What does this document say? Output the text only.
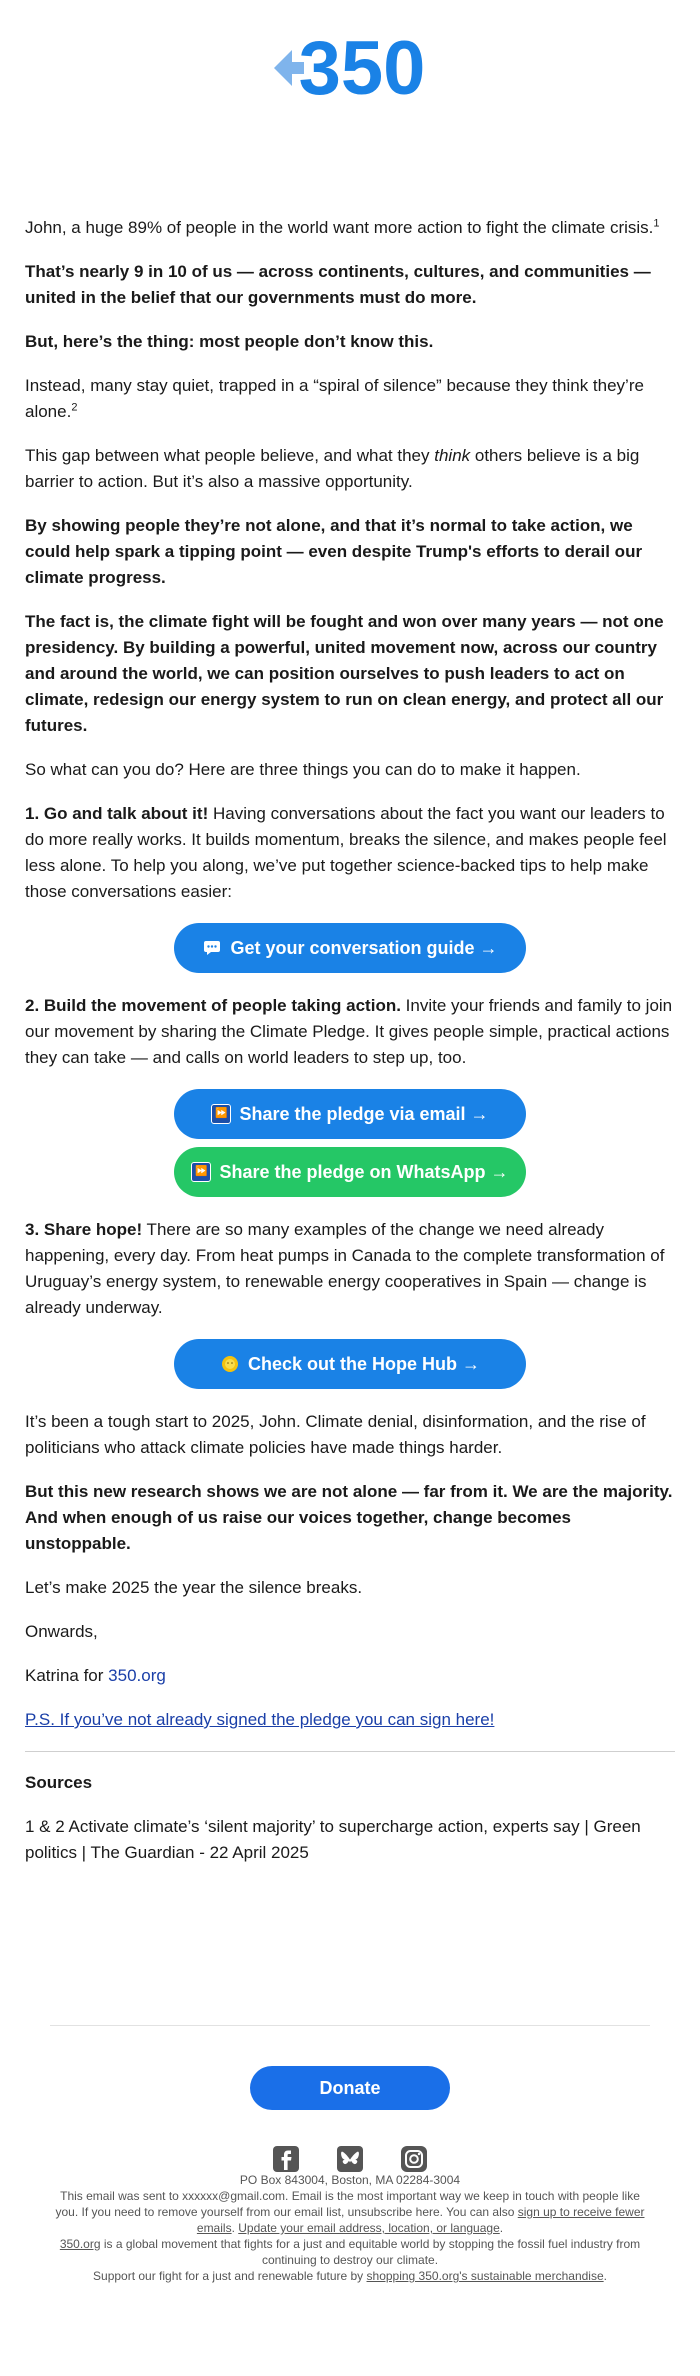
350

John, a huge 89% of people in the world want more action to fight the climate crisis.$^1$

That’s nearly 9 in 10 of us — across continents, cultures, and communities — united in the belief that our governments must do more.

But, here’s the thing: most people don’t know this.

Instead, many stay quiet, trapped in a “spiral of silence” because they think they’re alone.$^2$

This gap between what people believe, and what they think others believe is a big barrier to action. But it’s also a massive opportunity.

By showing people they’re not alone, and that it’s normal to take action, we could help spark a tipping point — even despite Trump's efforts to derail our climate progress.

The fact is, the climate fight will be fought and won over many years — not one presidency. By building a powerful, united movement now, across our country and around the world, we can position ourselves to push leaders to act on climate, redesign our energy system to run on clean energy, and protect all our futures.

So what can you do? Here are three things you can do to make it happen.

1. Go and talk about it! Having conversations about the fact you want our leaders to do more really works. It builds momentum, breaks the silence, and makes people feel less alone. To help you along, we’ve put together science-backed tips to help make those conversations easier:

Get your conversation guide →

2. Build the movement of people taking action. Invite your friends and family to join our movement by sharing the Climate Pledge. It gives people simple, practical actions they can take — and calls on world leaders to step up, too.

⏩ Share the pledge via email →
⏩ Share the pledge on WhatsApp →

3. Share hope! There are so many examples of the change we need already happening, every day. From heat pumps in Canada to the complete transformation of Uruguay’s energy system, to renewable energy cooperatives in Spain — change is already underway.

Check out the Hope Hub →

It’s been a tough start to 2025, John. Climate denial, disinformation, and the rise of politicians who attack climate policies have made things harder.

But this new research shows we are not alone — far from it. We are the majority. And when enough of us raise our voices together, change becomes unstoppable.

Let’s make 2025 the year the silence breaks.

Onwards,

Katrina for 350.org

P.S. If you’ve not already signed the pledge you can sign here!

Sources

1 & 2 Activate climate’s ‘silent majority’ to supercharge action, experts say | Green politics | The Guardian - 22 April 2025

Donate

PO Box 843004, Boston, MA 02284-3004

This email was sent to xxxxxx@gmail.com. Email is the most important way we keep in touch with people like you. If you need to remove yourself from our email list, unsubscribe here. You can also sign up to receive fewer emails. Update your email address, location, or language.

350.org is a global movement that fights for a just and equitable world by stopping the fossil fuel industry from continuing to destroy our climate.

Support our fight for a just and renewable future by shopping 350.org's sustainable merchandise.
